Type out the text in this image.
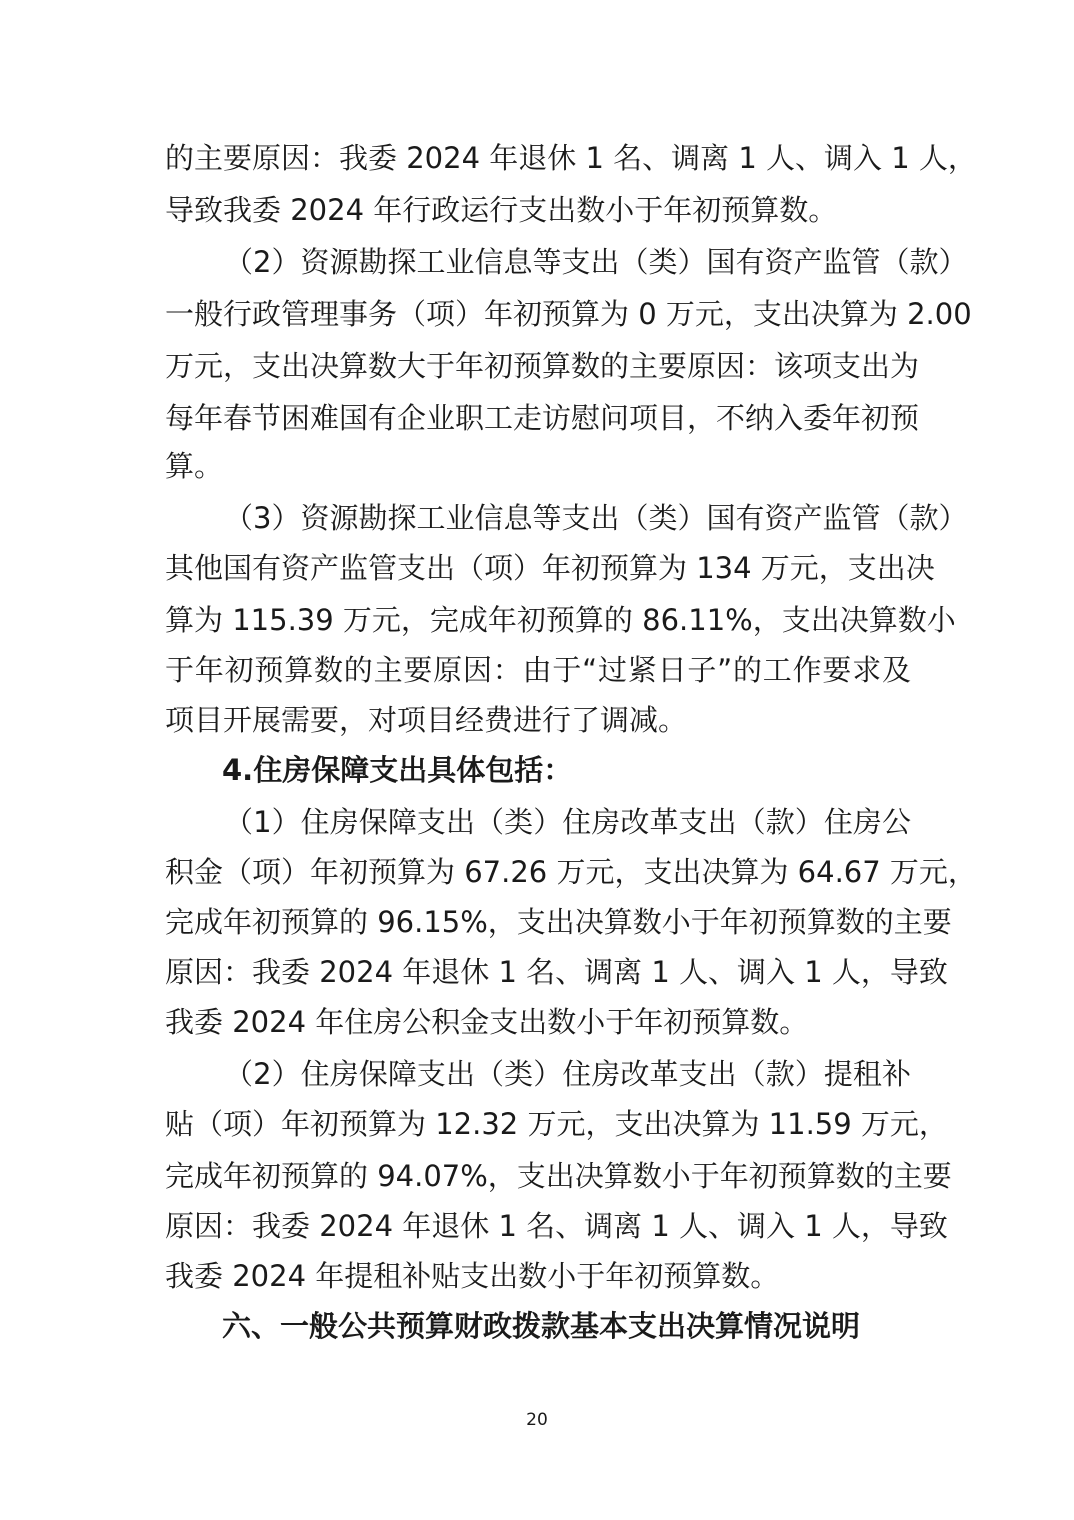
的主要原因：我委 2024 年退休 1 名、调离 1 人、调入 1 人，
导致我委 2024 年行政运行支出数小于年初预算数。
（2）资源勘探工业信息等支出（类）国有资产监管（款）
一般行政管理事务（项）年初预算为 0 万元，支出决算为 2.00
万元，支出决算数大于年初预算数的主要原因：该项支出为
每年春节困难国有企业职工走访慰问项目，不纳入委年初预
算。
（3）资源勘探工业信息等支出（类）国有资产监管（款）
其他国有资产监管支出（项）年初预算为 134 万元，支出决
算为 115.39 万元，完成年初预算的 86.11%，支出决算数小
于年初预算数的主要原因：由于“过紧日子”的工作要求及
项目开展需要，对项目经费进行了调减。
4.住房保障支出具体包括：
（1）住房保障支出（类）住房改革支出（款）住房公
积金（项）年初预算为 67.26 万元，支出决算为 64.67 万元，
完成年初预算的 96.15%，支出决算数小于年初预算数的主要
原因：我委 2024 年退休 1 名、调离 1 人、调入 1 人，导致
我委 2024 年住房公积金支出数小于年初预算数。
（2）住房保障支出（类）住房改革支出（款）提租补
贴（项）年初预算为 12.32 万元，支出决算为 11.59 万元，
完成年初预算的 94.07%，支出决算数小于年初预算数的主要
原因：我委 2024 年退休 1 名、调离 1 人、调入 1 人，导致
我委 2024 年提租补贴支出数小于年初预算数。
六、一般公共预算财政拨款基本支出决算情况说明
20
